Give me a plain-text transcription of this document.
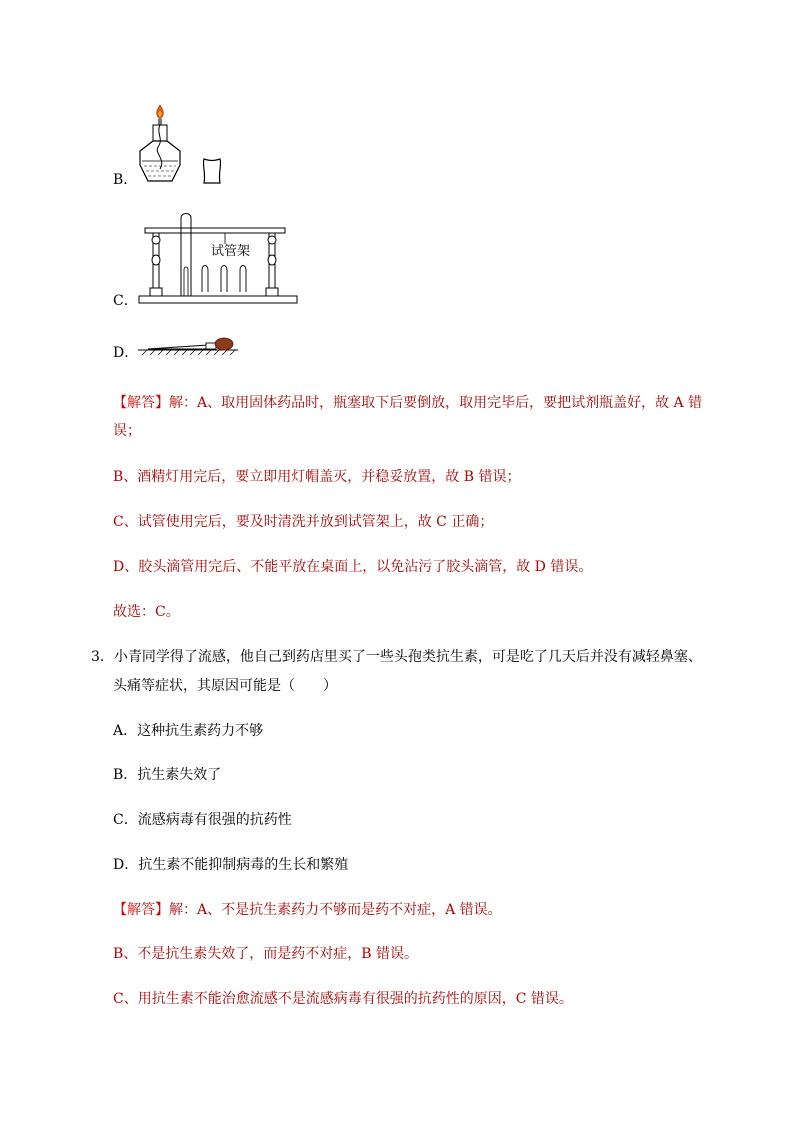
B．
C．
试管架
D．
【解答】解：A、取用固体药品时，瓶塞取下后要倒放，取用完毕后，要把试剂瓶盖好，故 A 错
误；
B、酒精灯用完后，要立即用灯帽盖灭，并稳妥放置，故 B 错误；
C、试管使用完后，要及时清洗并放到试管架上，故 C 正确；
D、胶头滴管用完后、不能平放在桌面上，以免沾污了胶头滴管，故 D 错误。
故选：C。
3．小青同学得了流感，他自己到药店里买了一些头孢类抗生素，可是吃了几天后并没有减轻鼻塞、
头痛等症状，其原因可能是（　　）
A．这种抗生素药力不够
B．抗生素失效了
C．流感病毒有很强的抗药性
D．抗生素不能抑制病毒的生长和繁殖
【解答】解：A、不是抗生素药力不够而是药不对症，A 错误。
B、不是抗生素失效了，而是药不对症，B 错误。
C、用抗生素不能治愈流感不是流感病毒有很强的抗药性的原因，C 错误。
